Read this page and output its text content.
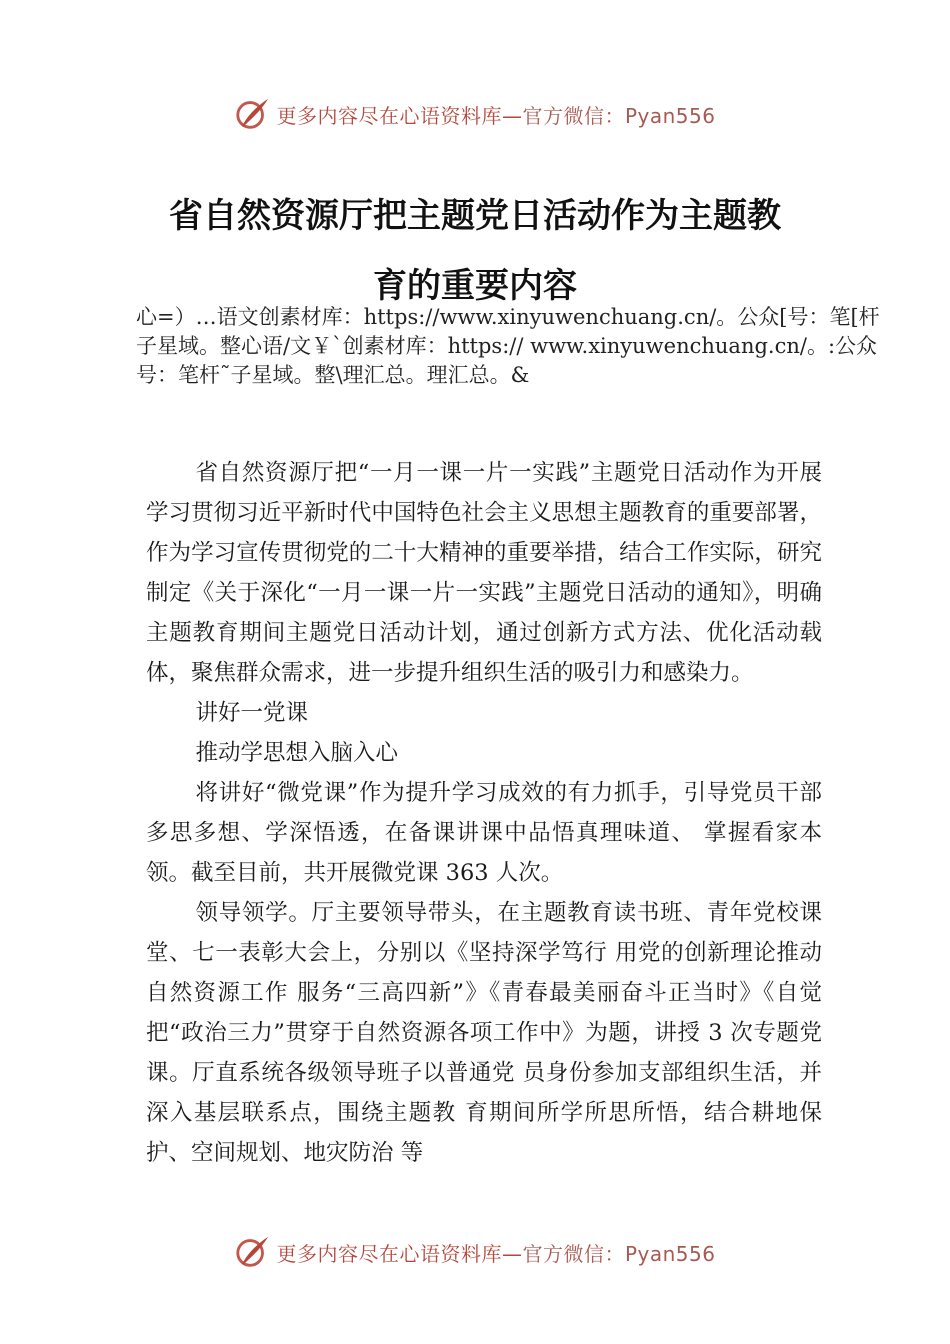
更多内容尽在心语资料库—官方微信：Pyan556
省自然资源厅把主题党日活动作为主题教
育的重要内容

心=）…语文创素材库：https://www.xinyuwenchuang.cn/。公众[号：笔[杆子星域。整心语/文￥`创素材库：https:// www.xinyuwenchuang.cn/。:公众号：笔杆˜子星域。整\理汇总。理汇总。&

省自然资源厅把“一月一课一片一实践”主题党日活动作为开展学习贯彻习近平新时代中国特色社会主义思想主题教育的重要部署，作为学习宣传贯彻党的二十大精神的重要举措，结合工作实际，研究制定《关于深化“一月一课一片一实践”主题党日活动的通知》，明确主题教育期间主题党日活动计划，通过创新方式方法、优化活动载体，聚焦群众需求，进一步提升组织生活的吸引力和感染力。

讲好一党课

推动学思想入脑入心

将讲好“微党课”作为提升学习成效的有力抓手，引导党员干部多思多想、学深悟透，在备课讲课中品悟真理味道、 掌握看家本领。截至目前，共开展微党课 363 人次。

领导领学。厅主要领导带头，在主题教育读书班、青年党校课堂、七一表彰大会上，分别以《坚持深学笃行 用党的创新理论推动自然资源工作 服务“三高四新”》《青春最美丽奋斗正当时》《自觉把“政治三力”贯穿于自然资源各项工作中》为题，讲授 3 次专题党课。厅直系统各级领导班子以普通党 员身份参加支部组织生活，并深入基层联系点，围绕主题教 育期间所学所思所悟，结合耕地保护、空间规划、地灾防治 等

更多内容尽在心语资料库—官方微信：Pyan556
